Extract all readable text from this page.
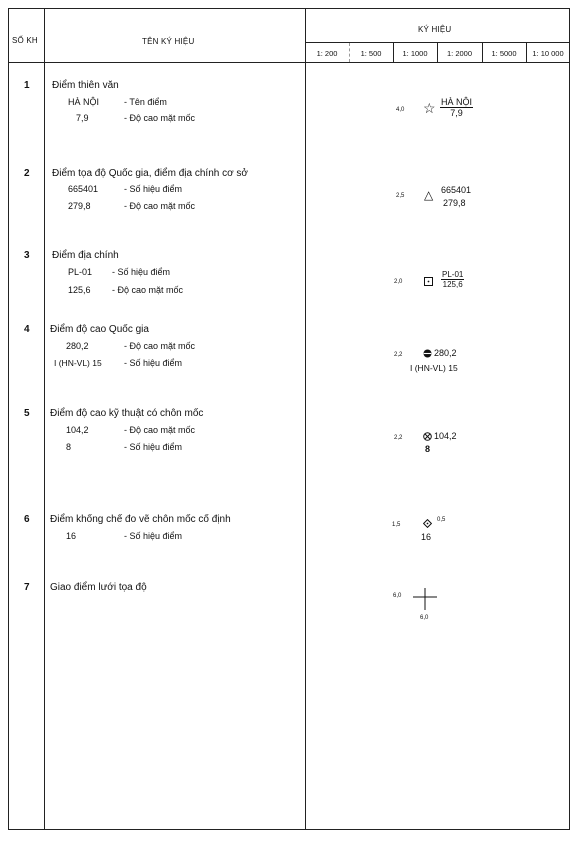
SỐ KH	TÊN KÝ HIỆU
KÝ HIỆU
1: 200	1: 500	1: 1000	1: 2000	1: 5000	1: 10 000
1 Điểm thiên văn
HÀ NỘI	- Tên điểm
7,9	- Độ cao mặt mốc
4,0 ☆ HÀ NỘI
7,9
2 Điểm tọa độ Quốc gia, điểm địa chính cơ sở
665401	- Số hiệu điểm
279,8	- Độ cao mặt mốc
2,5 △ 665401
279,8
3 Điểm địa chính
PL-01 - Số hiệu điểm
125,6 - Độ cao mặt mốc
2,0	$\frac{PL-01}{125,6}$
4 Điểm độ cao Quốc gia
280,2	- Độ cao mặt mốc
I (HN-VL) 15 - Số hiệu điểm
2,2	280,2
I (HN-VL) 15
5 Điểm độ cao kỹ thuật có chôn mốc
104,2	- Độ cao mặt mốc
8	- Số hiệu điểm
2,2	104,2
8
6 Điểm khống chế đo vẽ chôn mốc cố định
16	- Số hiệu điểm
1,5
0,5
16
7 Giao điểm lưới tọa độ
6,0
6,0
